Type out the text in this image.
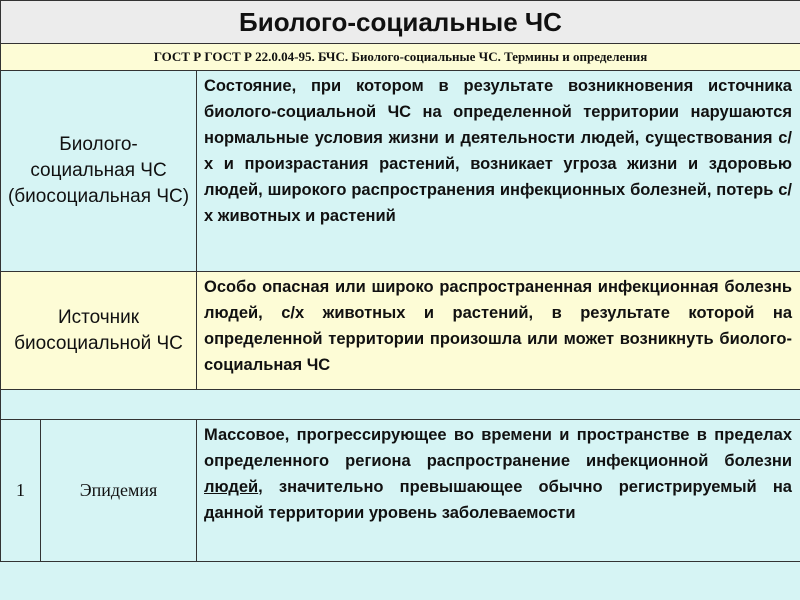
Биолого-социальные ЧС		
ГОСТ Р ГОСТ Р 22.0.04-95. БЧС. Биолого-социальные ЧС. Термины и определения		
Биолого-социальная ЧС (биосоциальная ЧС)		Состояние, при котором в результате возникновения источника биолого-социальной ЧС на определенной территории нарушаются нормальные условия жизни и деятельности людей, существования с/х и произрастания растений, возникает угроза жизни и здоровью людей, широкого распространения инфекционных болезней, потерь с/х животных и растений
Источник биосоциальной ЧС		Особо опасная или широко распространенная инфекционная болезнь людей, с/х животных и растений, в результате которой на определенной территории произошла или может возникнуть биолого-социальная ЧС

1	Эпидемия	Массовое, прогрессирующее во времени и пространстве в пределах определенного региона распространение инфекционной болезни людей, значительно превышающее обычно регистрируемый на данной территории уровень заболеваемости
